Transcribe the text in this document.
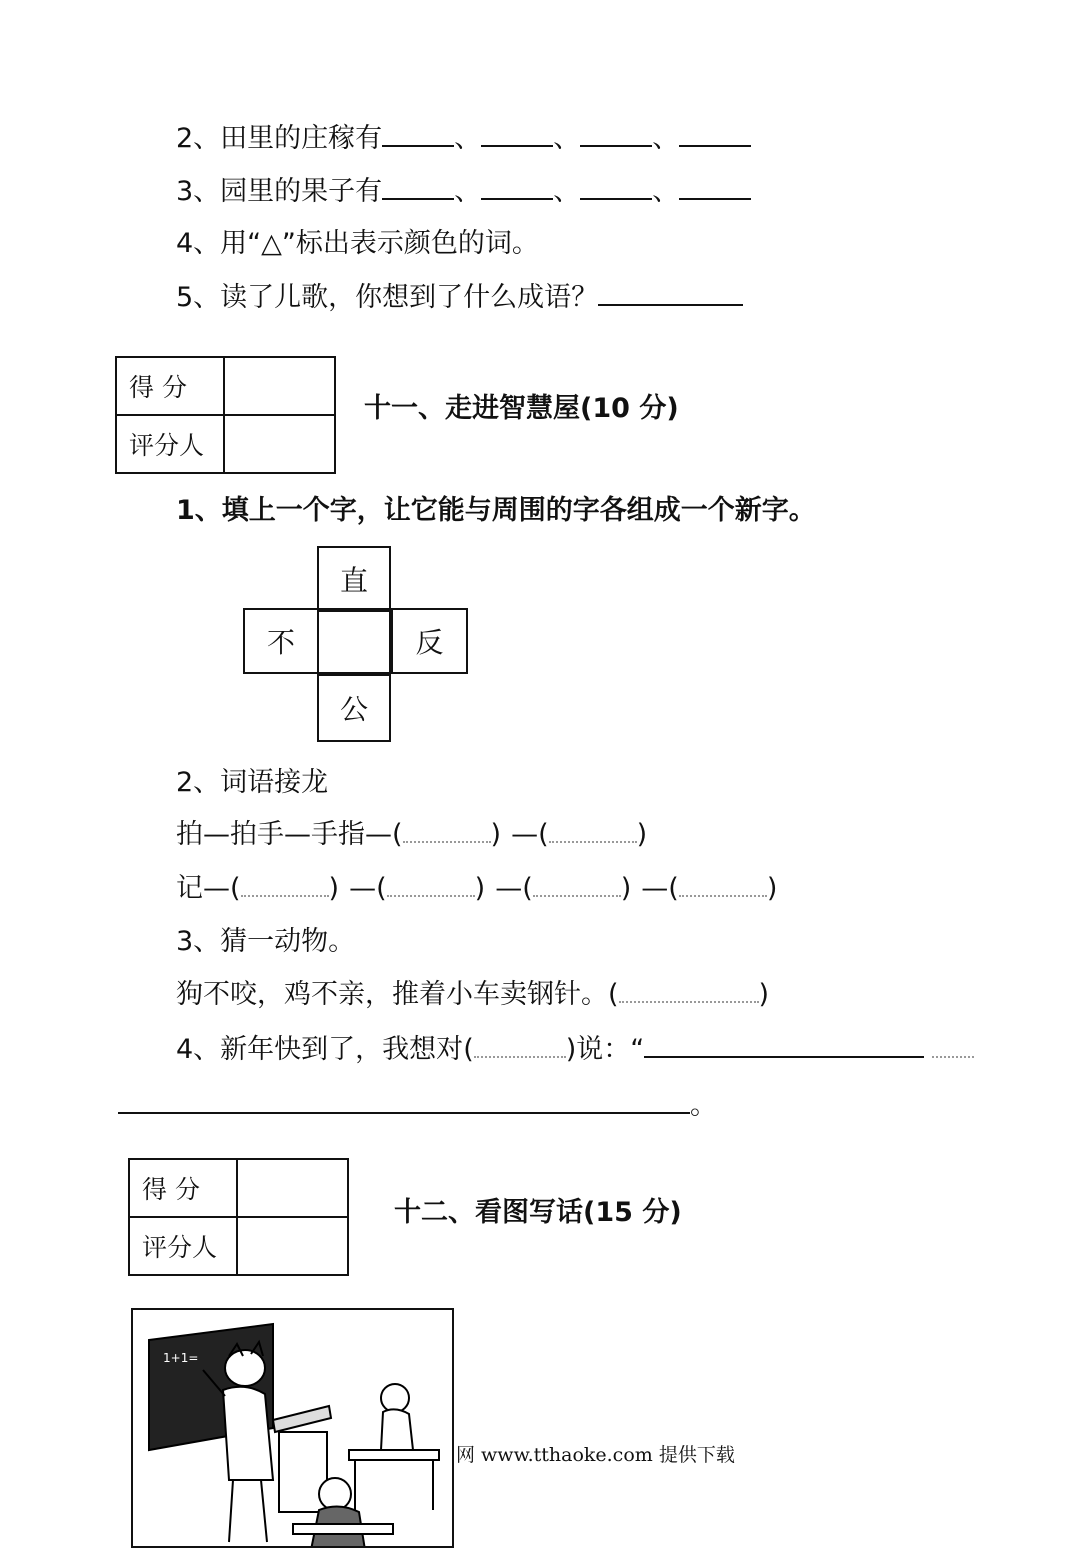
2、田里的庄稼有	、	、	、
3、园里的果子有	、	、	、
4、用“△”标出表示颜色的词。
5、读了儿歌，你想到了什么成语？
得 分	
评分人	
十一、走进智慧屋(10 分)
1、填上一个字，让它能与周围的字各组成一个新字。
直
不	反
公
2、词语接龙
拍—拍手—手指—(	) —(	)
记—(	) —(	) —(	) —(	)
3、猜一动物。
狗不咬，鸡不亲，推着小车卖钢针。(	)
4、新年快到了，我想对(	)说：“
。
得 分	
评分人	
十二、看图写话(15 分)
1+1=
网 www.tthaoke.com 提供下载
